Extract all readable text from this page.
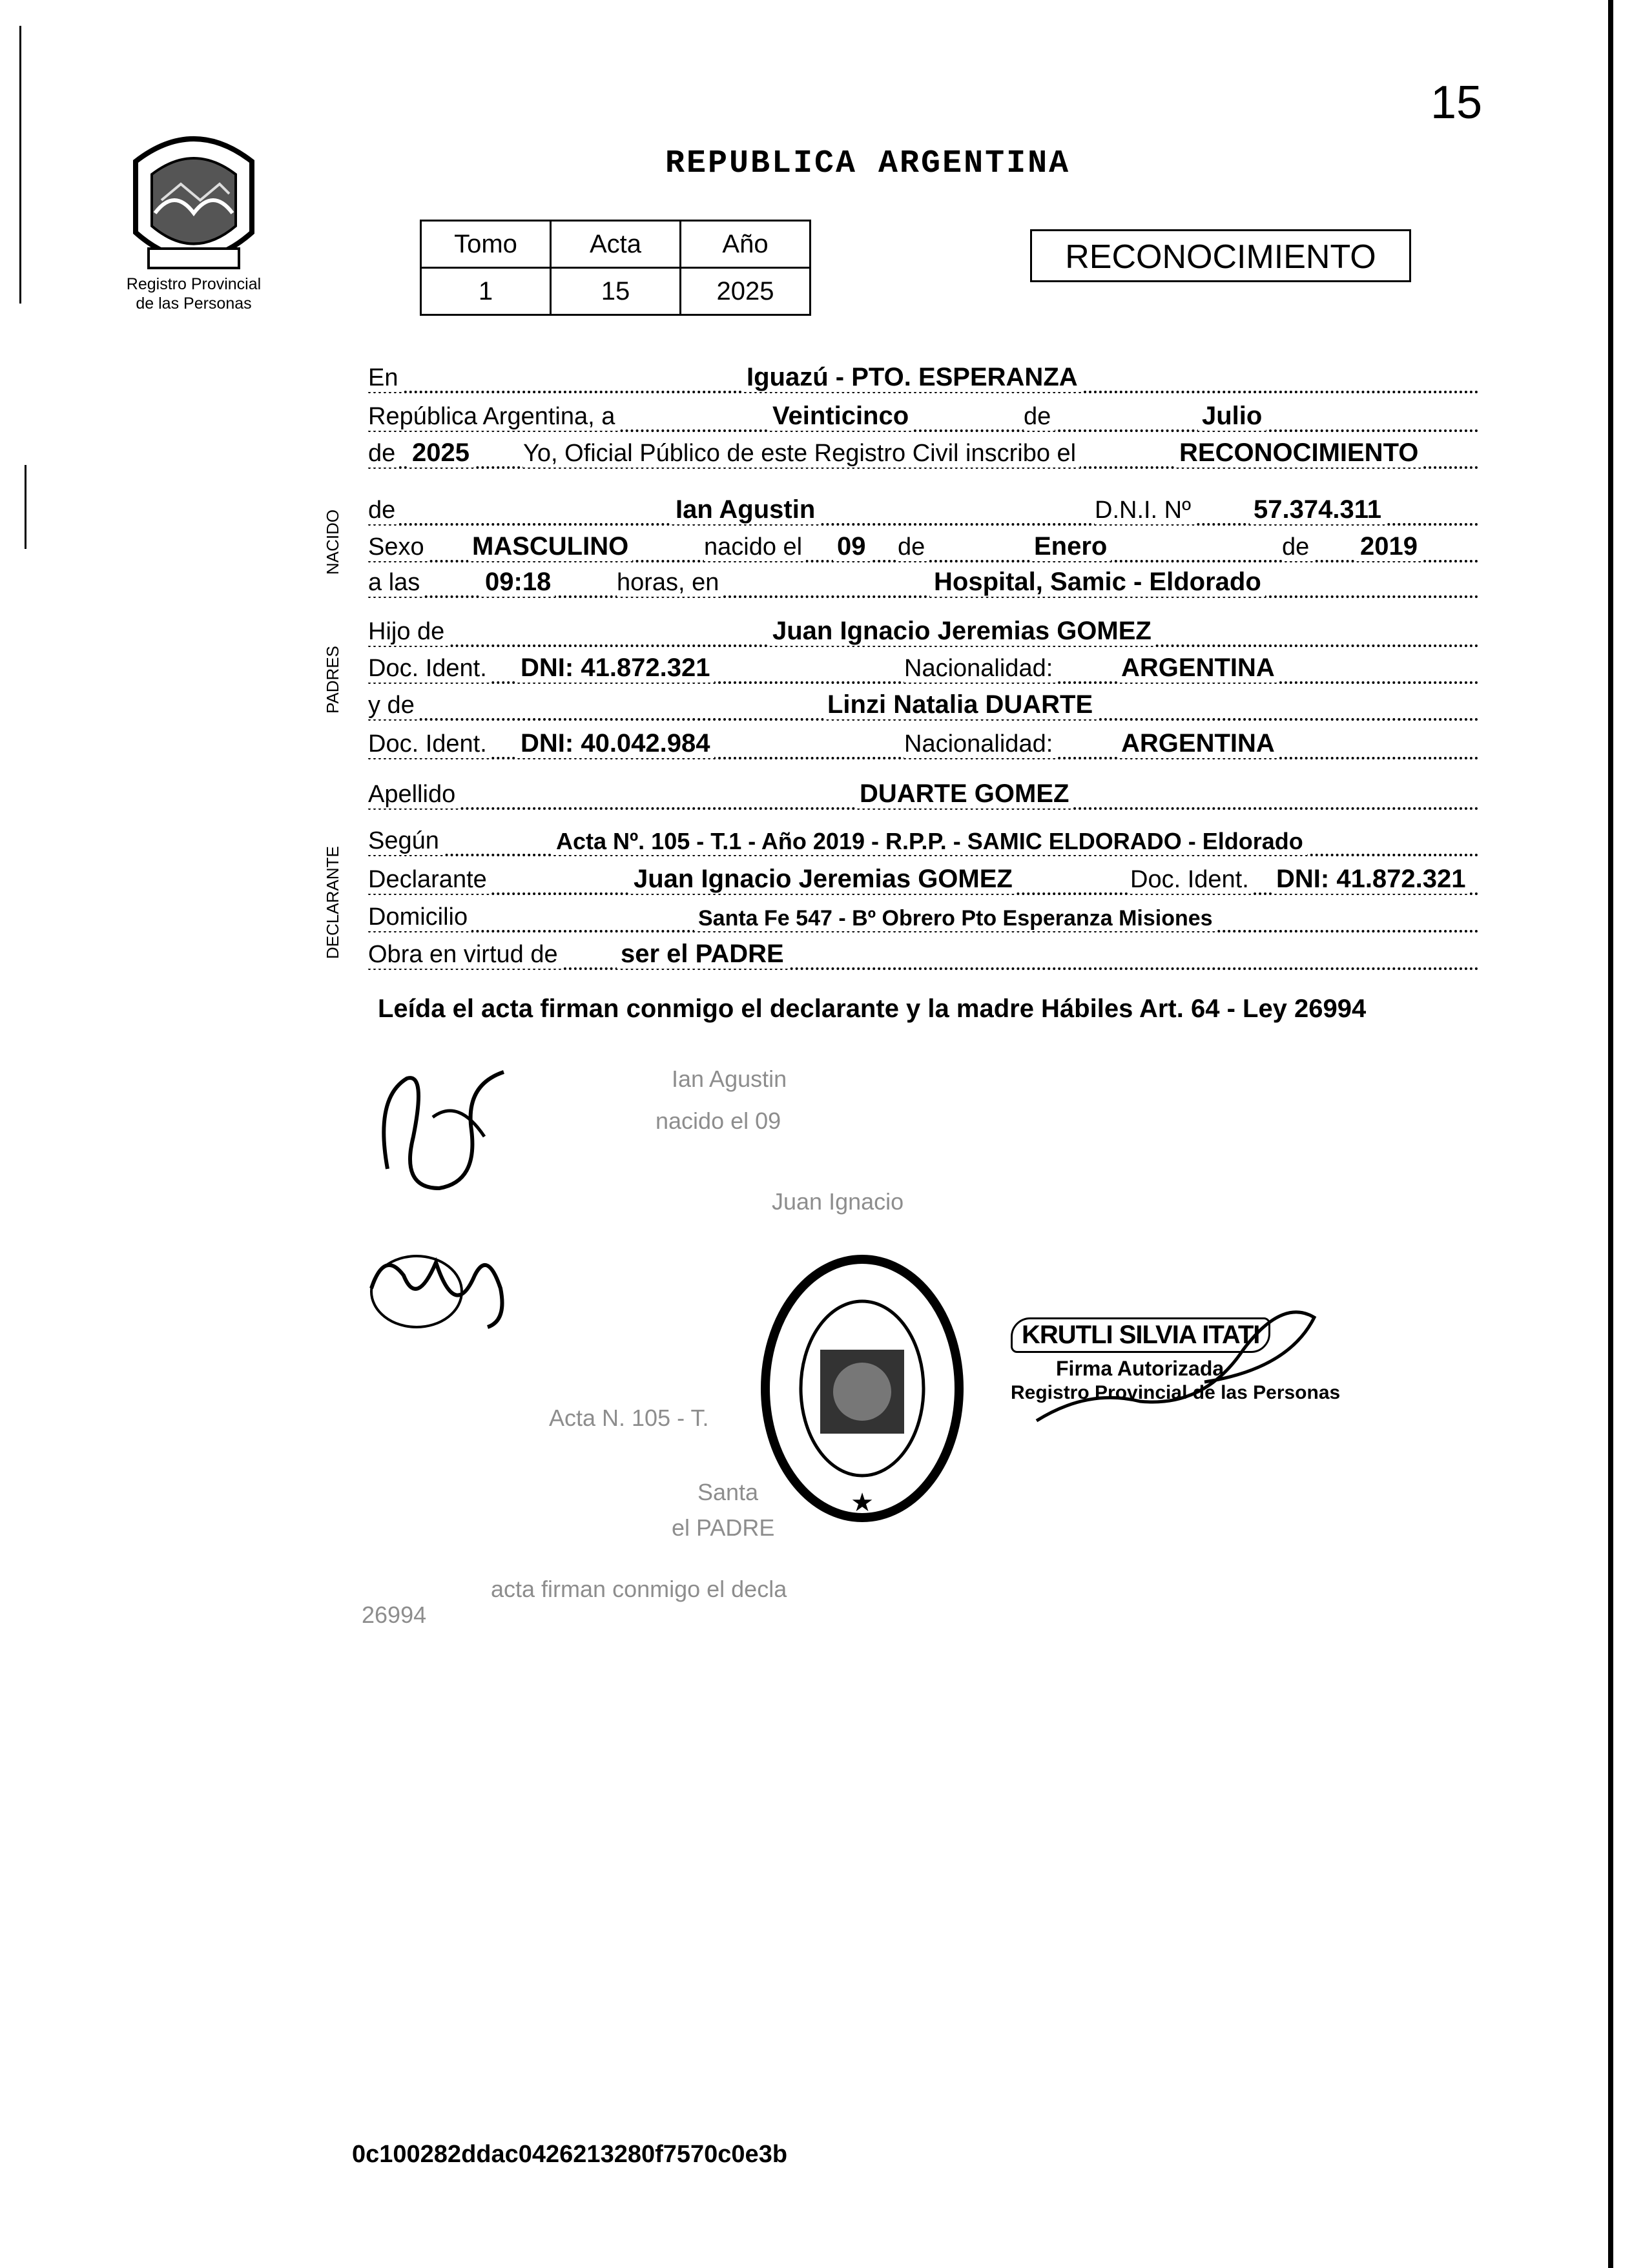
15
Registro Provincial
de las Personas
REPUBLICA ARGENTINA
Tomo	Acta	Año
1	15	2025
RECONOCIMIENTO
NACIDO
PADRES
DECLARANTE
En	Iguazú - PTO. ESPERANZA
República Argentina, a	Veinticinco	de	Julio
de 2025 Yo, Oficial Público de este Registro Civil inscribo el	RECONOCIMIENTO
de	Ian Agustin	D.N.I. Nº 57.374.311
Sexo MASCULINO	nacido el 09 de	Enero	de 2019
a las	09:18	horas, en	Hospital, Samic - Eldorado
Hijo de	Juan Ignacio Jeremias GOMEZ
Doc. Ident. DNI: 41.872.321	Nacionalidad:	ARGENTINA
y de	Linzi Natalia DUARTE
Doc. Ident. DNI: 40.042.984	Nacionalidad:	ARGENTINA
Apellido	DUARTE GOMEZ
Según	Acta Nº. 105 - T.1 - Año 2019 - R.P.P. - SAMIC ELDORADO - Eldorado
Declarante	Juan Ignacio Jeremias GOMEZ	Doc. Ident. DNI: 41.872.321
Domicilio	Santa Fe 547 - Bº Obrero Pto Esperanza Misiones
Obra en virtud de ser el PADRE
Leída el acta firman conmigo el declarante y la madre Hábiles Art. 64 - Ley 26994
Ian Agustin
nacido el 09
Juan Ignacio
Acta N. 105 - T.
Santa
el PADRE
acta firman conmigo el decla
26994
★
KRUTLI SILVIA ITATI
Firma Autorizada
Registro Provincial de las Personas
0c100282ddac0426213280f7570c0e3b
